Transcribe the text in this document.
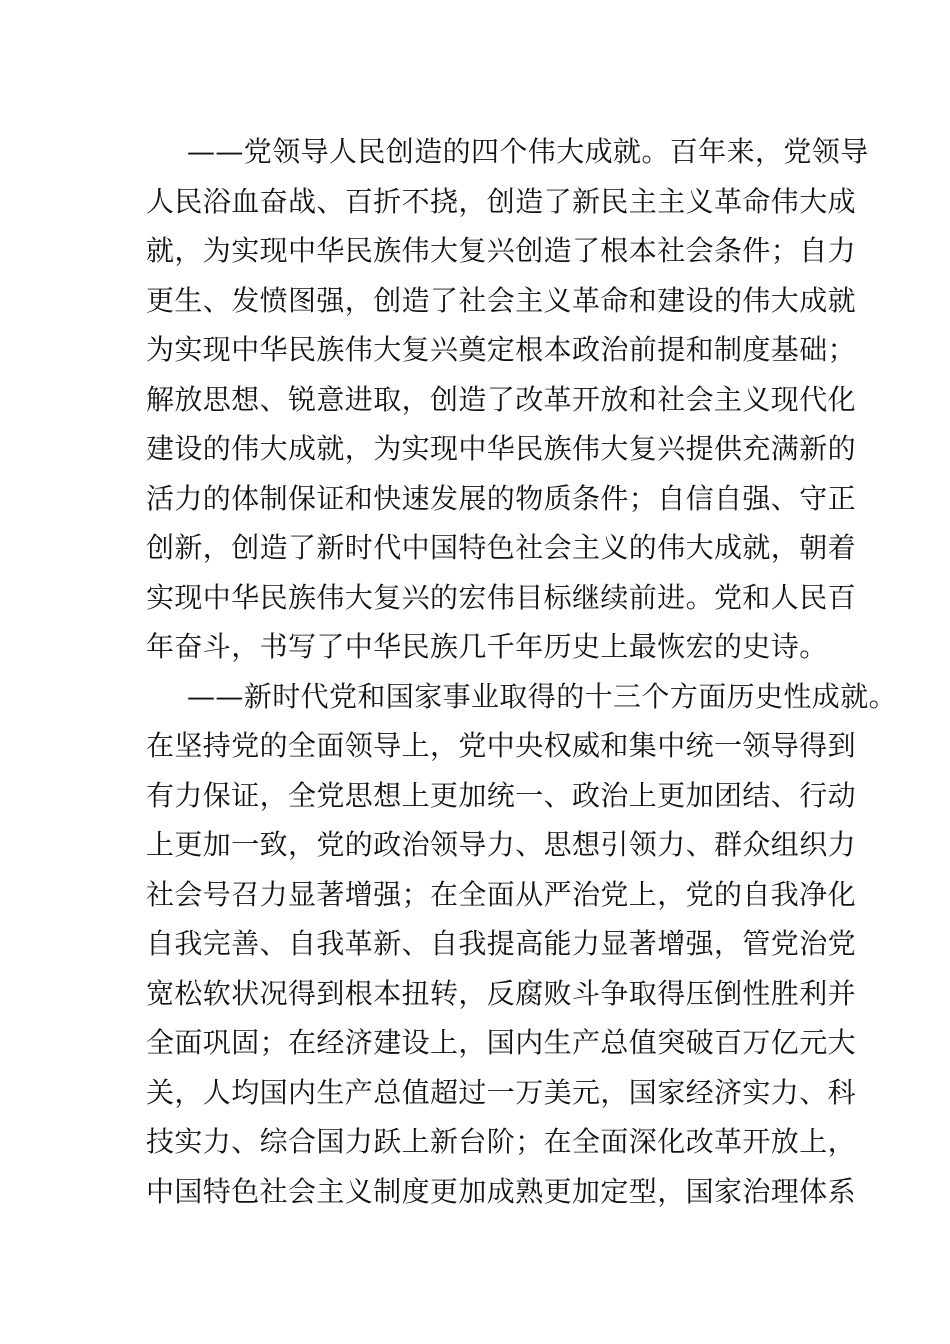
——党领导人民创造的四个伟大成就。百年来，党领导
人民浴血奋战、百折不挠，创造了新民主主义革命伟大成
就，为实现中华民族伟大复兴创造了根本社会条件；自力
更生、发愤图强，创造了社会主义革命和建设的伟大成就
为实现中华民族伟大复兴奠定根本政治前提和制度基础；
解放思想、锐意进取，创造了改革开放和社会主义现代化
建设的伟大成就，为实现中华民族伟大复兴提供充满新的
活力的体制保证和快速发展的物质条件；自信自强、守正
创新，创造了新时代中国特色社会主义的伟大成就，朝着
实现中华民族伟大复兴的宏伟目标继续前进。党和人民百
年奋斗，书写了中华民族几千年历史上最恢宏的史诗。
——新时代党和国家事业取得的十三个方面历史性成就。
在坚持党的全面领导上，党中央权威和集中统一领导得到
有力保证，全党思想上更加统一、政治上更加团结、行动
上更加一致，党的政治领导力、思想引领力、群众组织力
社会号召力显著增强；在全面从严治党上，党的自我净化
自我完善、自我革新、自我提高能力显著增强，管党治党
宽松软状况得到根本扭转，反腐败斗争取得压倒性胜利并
全面巩固；在经济建设上，国内生产总值突破百万亿元大
关，人均国内生产总值超过一万美元，国家经济实力、科
技实力、综合国力跃上新台阶；在全面深化改革开放上，
中国特色社会主义制度更加成熟更加定型，国家治理体系
